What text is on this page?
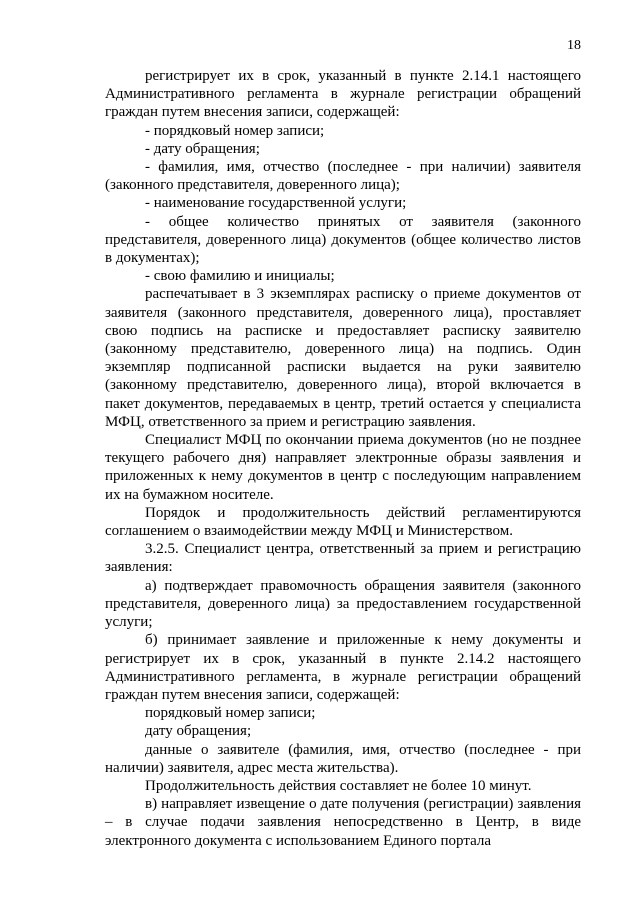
18

регистрирует их в срок, указанный в пункте 2.14.1 настоящего Административного регламента в журнале регистрации обращений граждан путем внесения записи, содержащей:

- порядковый номер записи;

- дату обращения;

- фамилия, имя, отчество (последнее - при наличии) заявителя (законного представителя, доверенного лица);

- наименование государственной услуги;

- общее количество принятых от заявителя (законного представителя, доверенного лица) документов (общее количество листов в документах);

- свою фамилию и инициалы;

распечатывает в 3 экземплярах расписку о приеме документов от заявителя (законного представителя, доверенного лица), проставляет свою подпись на расписке и предоставляет расписку заявителю (законному представителю, доверенного лица) на подпись. Один экземпляр подписанной расписки выдается на руки заявителю (законному представителю, доверенного лица), второй включается в пакет документов, передаваемых в центр, третий остается у специалиста МФЦ, ответственного за прием и регистрацию заявления.

Специалист МФЦ по окончании приема документов (но не позднее текущего рабочего дня) направляет электронные образы заявления и приложенных к нему документов в центр с последующим направлением их на бумажном носителе.

Порядок и продолжительность действий регламентируются соглашением о взаимодействии между МФЦ и Министерством.

3.2.5. Специалист центра, ответственный за прием и регистрацию заявления:

а) подтверждает правомочность обращения заявителя (законного представителя, доверенного лица) за предоставлением государственной услуги;

б) принимает заявление и приложенные к нему документы и регистрирует их в срок, указанный в пункте 2.14.2 настоящего Административного регламента, в журнале регистрации обращений граждан путем внесения записи, содержащей:

порядковый номер записи;

дату обращения;

данные о заявителе (фамилия, имя, отчество (последнее - при наличии) заявителя, адрес места жительства).

Продолжительность действия составляет не более 10 минут.

в) направляет извещение о дате получения (регистрации) заявления – в случае подачи заявления непосредственно в Центр, в виде электронного документа с использованием Единого портала
